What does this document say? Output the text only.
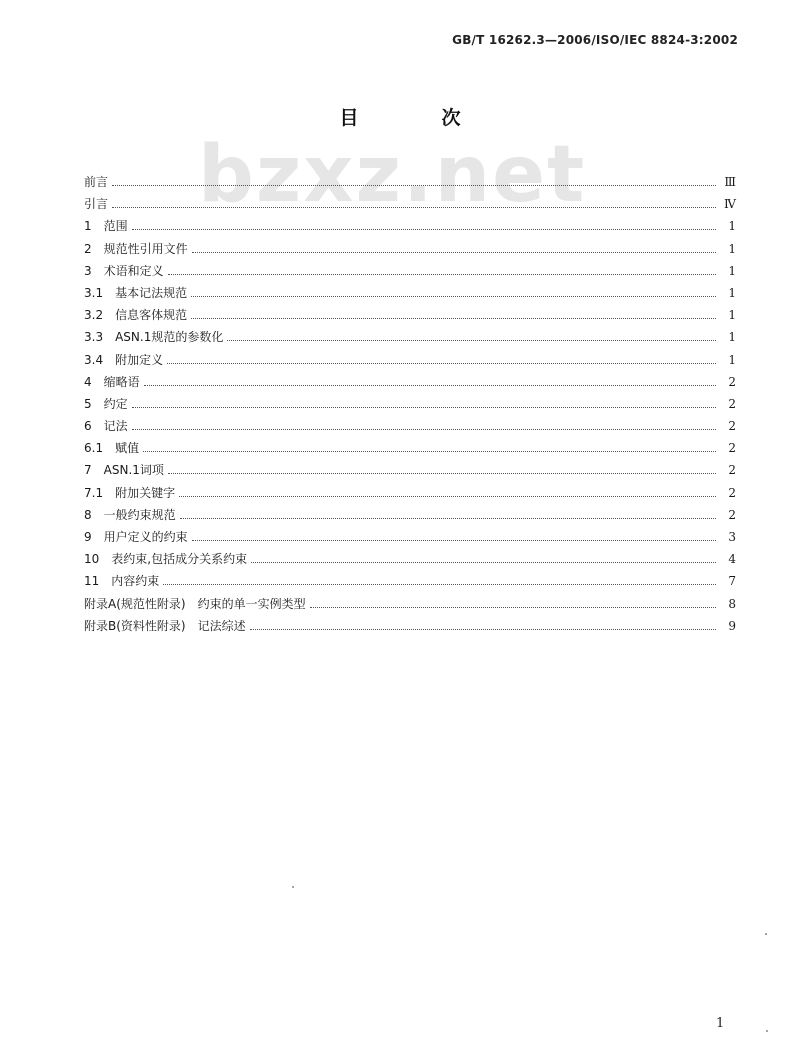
GB/T 16262.3—2006/ISO/IEC 8824-3:2002
bzxz.net
目　次
前言	Ⅲ
引言	Ⅳ
1　范围	1
2　规范性引用文件	1
3　术语和定义	1
3.1　基本记法规范	1
3.2　信息客体规范	1
3.3　ASN.1规范的参数化	1
3.4　附加定义	1
4　缩略语	2
5　约定	2
6　记法	2
6.1　赋值	2
7　ASN.1词项	2
7.1　附加关键字	2
8　一般约束规范	2
9　用户定义的约束	3
10　表约束,包括成分关系约束	4
11　内容约束	7
附录A(规范性附录)　约束的单一实例类型	8
附录B(资料性附录)　记法综述	9
1
